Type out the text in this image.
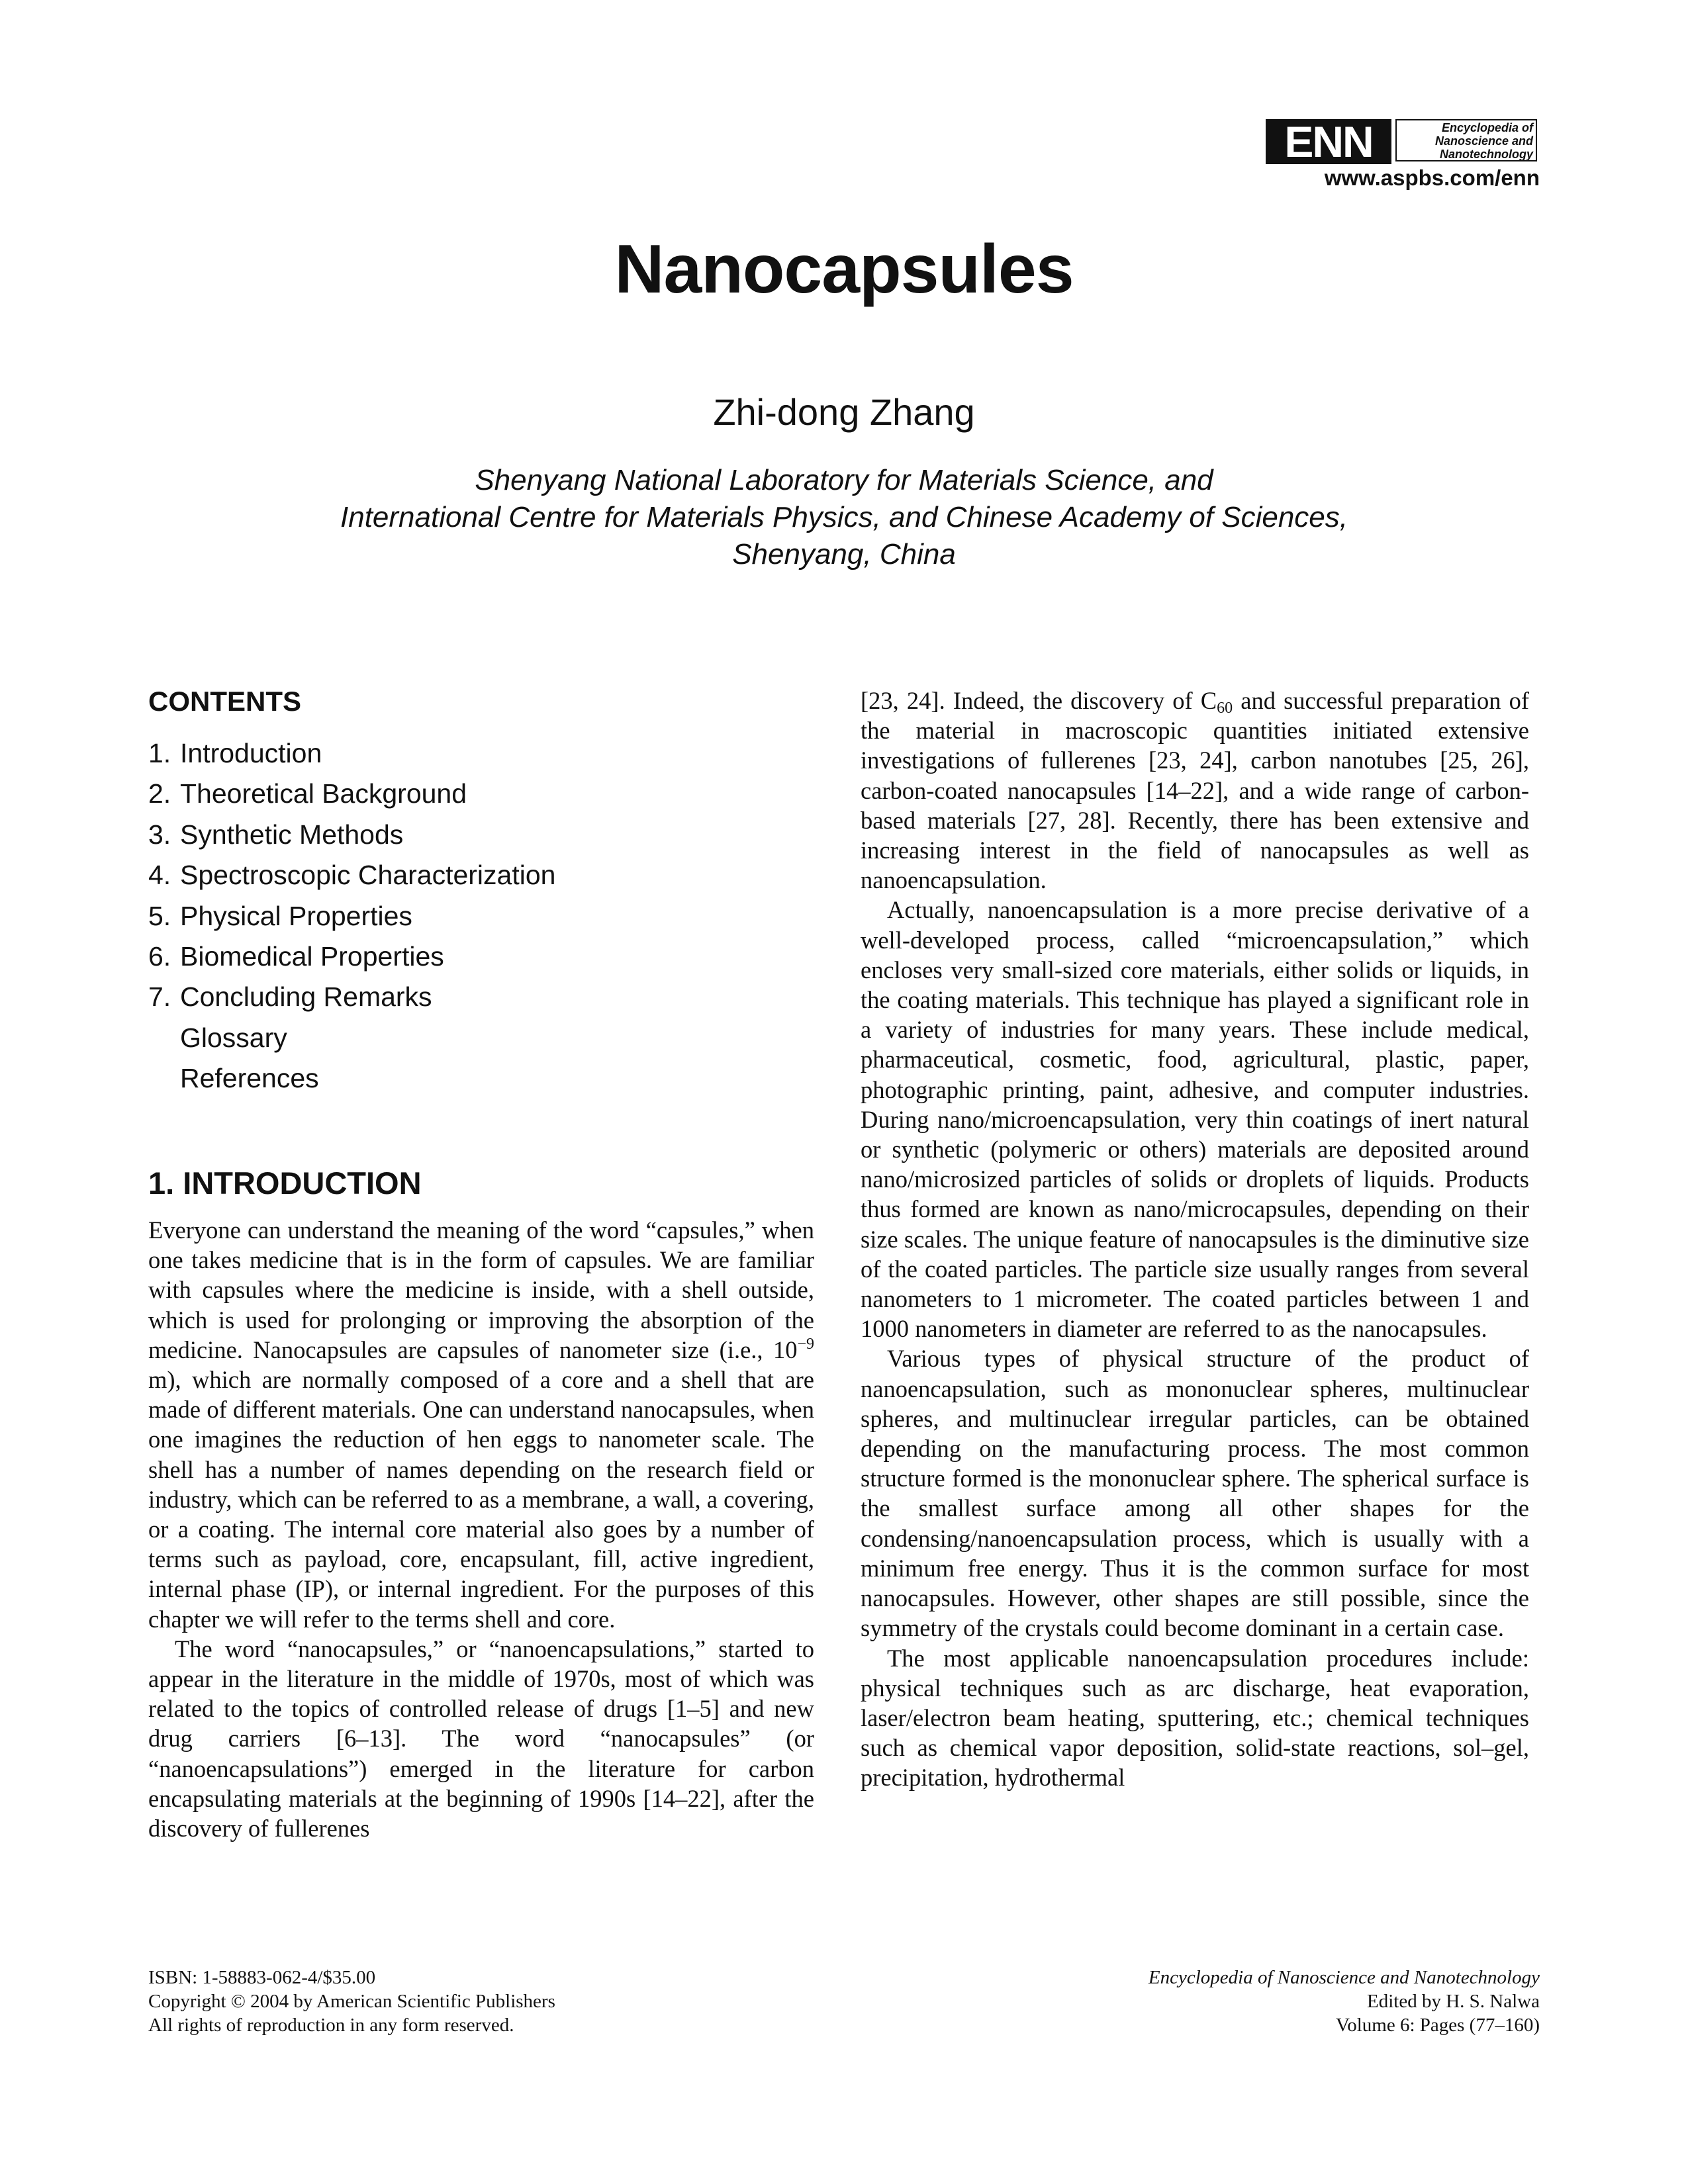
ENN	Encyclopedia of
Nanoscience and
Nanotechnology
www.aspbs.com/enn
Nanocapsules
Zhi-dong Zhang
Shenyang National Laboratory for Materials Science, and
International Centre for Materials Physics, and Chinese Academy of Sciences,
Shenyang, China
CONTENTS
1. Introduction
2. Theoretical Background
3. Synthetic Methods
4. Spectroscopic Characterization
5. Physical Properties
6. Biomedical Properties
7. Concluding Remarks
Glossary
References
1. INTRODUCTION

Everyone can understand the meaning of the word “capsules,” when one takes medicine that is in the form of capsules. We are familiar with capsules where the medicine is inside, with a shell outside, which is used for prolonging or improving the absorption of the medicine. Nanocapsules are capsules of nanometer size (i.e., $10^{-9}$ m), which are normally composed of a core and a shell that are made of different materials. One can understand nanocapsules, when one imagines the reduction of hen eggs to nanometer scale. The shell has a number of names depending on the research field or industry, which can be referred to as a membrane, a wall, a covering, or a coating. The internal core material also goes by a number of terms such as payload, core, encapsulant, fill, active ingredient, internal phase (IP), or internal ingredient. For the purposes of this chapter we will refer to the terms shell and core.

The word “nanocapsules,” or “nanoencapsulations,” started to appear in the literature in the middle of 1970s, most of which was related to the topics of controlled release of drugs [1–5] and new drug carriers [6–13]. The word “nanocapsules” (or “nanoencapsulations”) emerged in the literature for carbon encapsulating materials at the beginning of 1990s [14–22], after the discovery of fullerenes

[23, 24]. Indeed, the discovery of $C_{60}$ and successful preparation of the material in macroscopic quantities initiated extensive investigations of fullerenes [23, 24], carbon nanotubes [25, 26], carbon-coated nanocapsules [14–22], and a wide range of carbon-based materials [27, 28]. Recently, there has been extensive and increasing interest in the field of nanocapsules as well as nanoencapsulation.

Actually, nanoencapsulation is a more precise derivative of a well-developed process, called “microencapsulation,” which encloses very small-sized core materials, either solids or liquids, in the coating materials. This technique has played a significant role in a variety of industries for many years. These include medical, pharmaceutical, cosmetic, food, agricultural, plastic, paper, photographic printing, paint, adhesive, and computer industries. During nano/microencapsulation, very thin coatings of inert natural or synthetic (polymeric or others) materials are deposited around nano/microsized particles of solids or droplets of liquids. Products thus formed are known as nano/microcapsules, depending on their size scales. The unique feature of nanocapsules is the diminutive size of the coated particles. The particle size usually ranges from several nanometers to 1 micrometer. The coated particles between 1 and 1000 nanometers in diameter are referred to as the nanocapsules.

Various types of physical structure of the product of nanoencapsulation, such as mononuclear spheres, multinuclear spheres, and multinuclear irregular particles, can be obtained depending on the manufacturing process. The most common structure formed is the mononuclear sphere. The spherical surface is the smallest surface among all other shapes for the condensing/nanoencapsulation process, which is usually with a minimum free energy. Thus it is the common surface for most nanocapsules. However, other shapes are still possible, since the symmetry of the crystals could become dominant in a certain case.

The most applicable nanoencapsulation procedures include: physical techniques such as arc discharge, heat evaporation, laser/electron beam heating, sputtering, etc.; chemical techniques such as chemical vapor deposition, solid-state reactions, sol–gel, precipitation, hydrothermal

ISBN: 1-58883-062-4/$35.00
Copyright © 2004 by American Scientific Publishers
All rights of reproduction in any form reserved.
Encyclopedia of Nanoscience and Nanotechnology
Edited by H. S. Nalwa
Volume 6: Pages (77–160)
